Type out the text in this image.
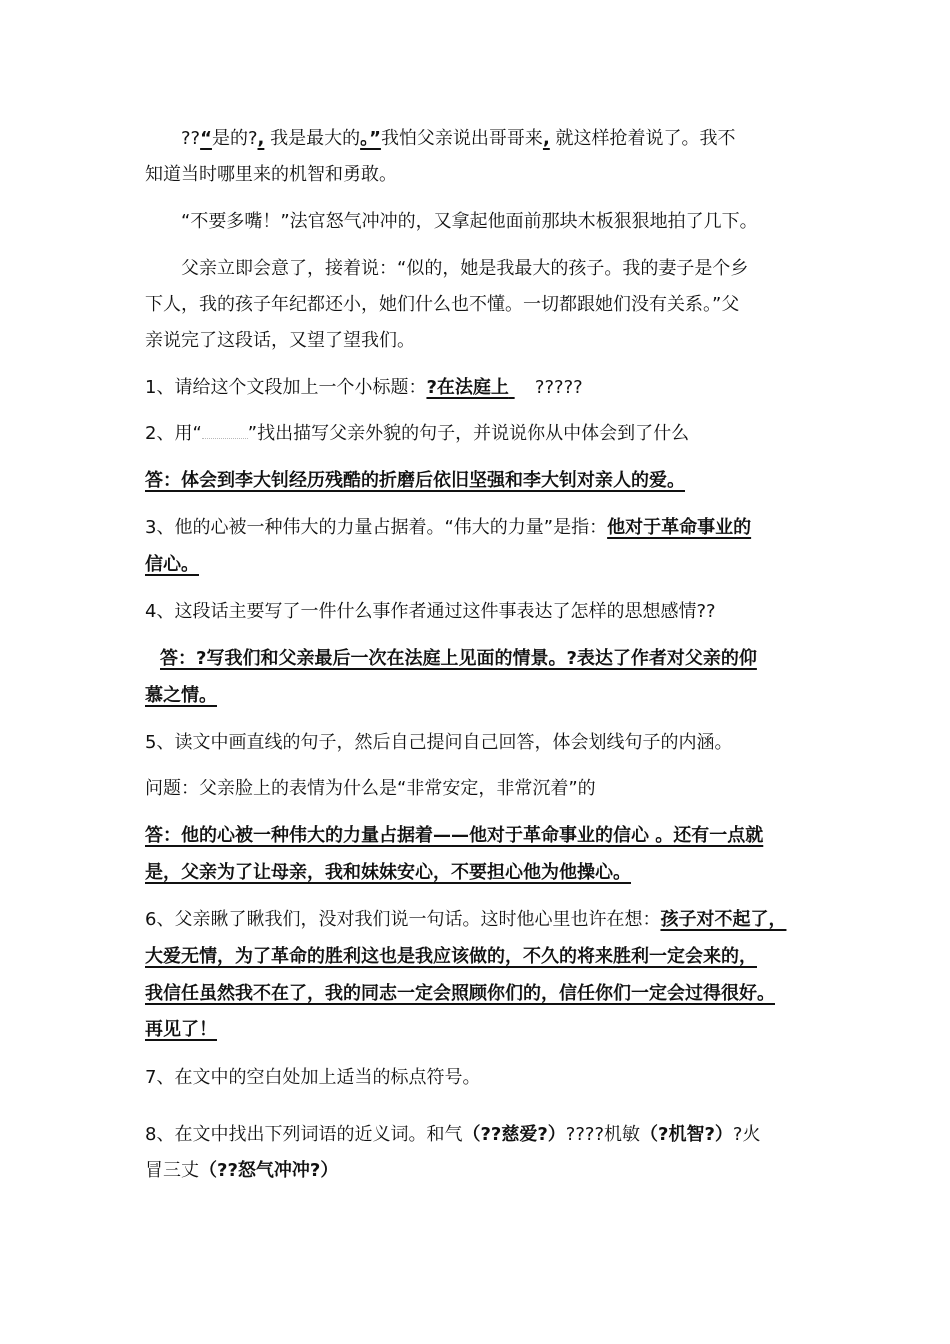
??“是的?, 我是最大的。”我怕父亲说出哥哥来, 就这样抢着说了。我不
知道当时哪里来的机智和勇敢。
“不要多嘴！”法官怒气冲冲的，又拿起他面前那块木板狠狠地拍了几下。
父亲立即会意了，接着说：“似的，她是我最大的孩子。我的妻子是个乡
下人，我的孩子年纪都还小，她们什么也不懂。一切都跟她们没有关系。”父
亲说完了这段话，又望了望我们。
1、请给这个文段加上一个小标题：?在法庭上 ?????
2、用“	”找出描写父亲外貌的句子，并说说你从中体会到了什么
答：体会到李大钊经历残酷的折磨后依旧坚强和李大钊对亲人的爱。
3、他的心被一种伟大的力量占据着。“伟大的力量”是指：他对于革命事业的
信心。
4、这段话主要写了一件什么事作者通过这件事表达了怎样的思想感情??
答：?写我们和父亲最后一次在法庭上见面的情景。?表达了作者对父亲的仰
慕之情。
5、读文中画直线的句子，然后自己提问自己回答，体会划线句子的内涵。
问题：父亲脸上的表情为什么是“非常安定，非常沉着”的
答：他的心被一种伟大的力量占据着——他对于革命事业的信心 。还有一点就
是，父亲为了让母亲，我和妹妹安心，不要担心他为他操心。
6、父亲瞅了瞅我们，没对我们说一句话。这时他心里也许在想：孩子对不起了，
大爱无情，为了革命的胜利这也是我应该做的，不久的将来胜利一定会来的，
我信任虽然我不在了，我的同志一定会照顾你们的，信任你们一定会过得很好。
再见了！
7、在文中的空白处加上适当的标点符号。
8、在文中找出下列词语的近义词。和气（??慈爱?）????机敏（?机智?）?火
冒三丈（??怒气冲冲?）
